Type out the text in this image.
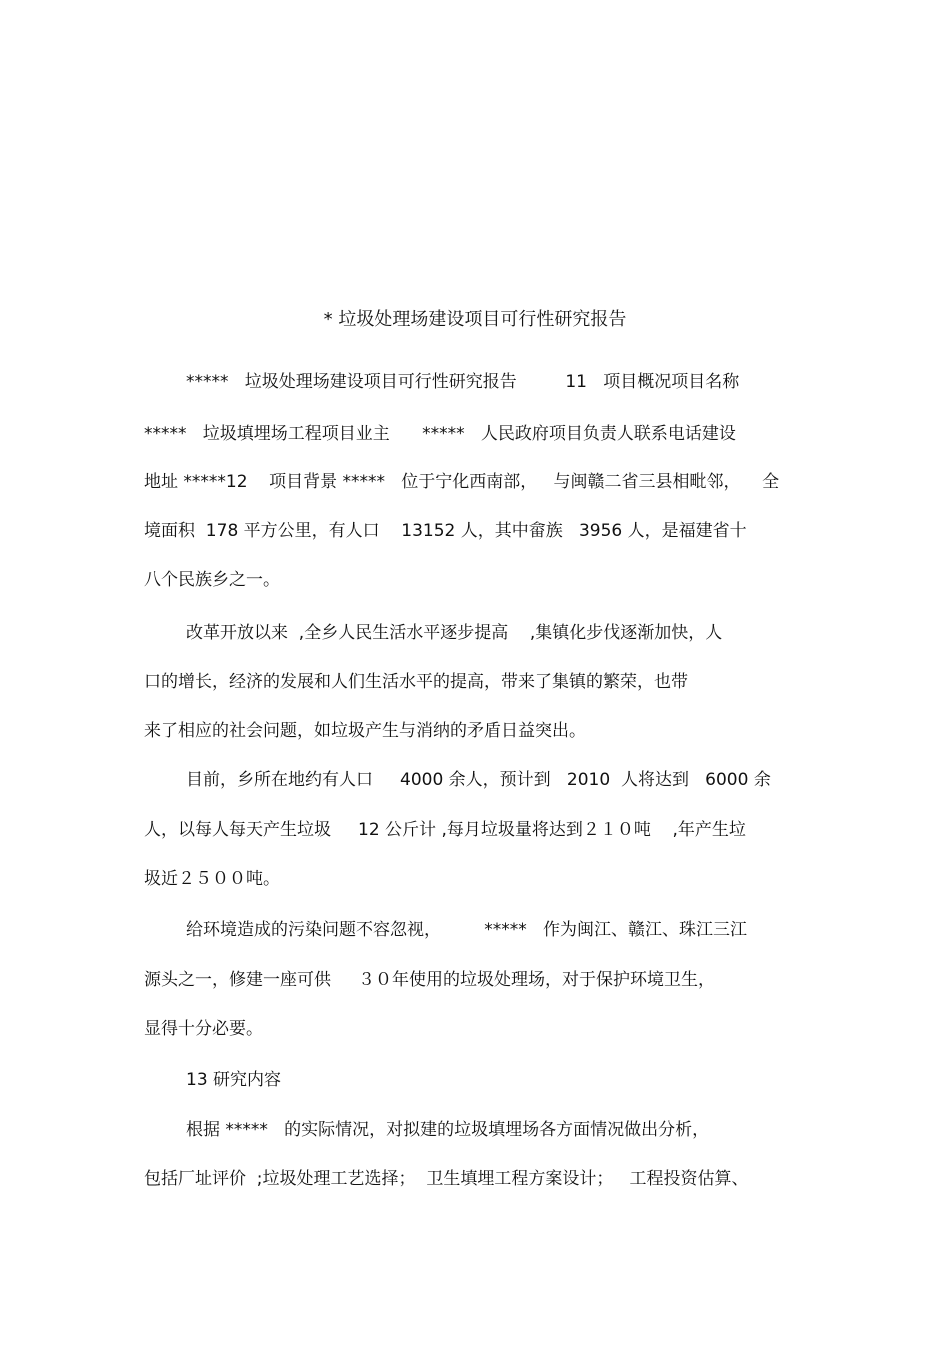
* 垃圾处理场建设项目可行性研究报告
*****   垃圾处理场建设项目可行性研究报告         11   项目概况项目名称
*****   垃圾填埋场工程项目业主      *****   人民政府项目负责人联系电话建设
地址 *****12    项目背景 *****   位于宁化西南部，   与闽赣二省三县相毗邻，    全
境面积  178 平方公里，有人口    13152 人，其中畲族   3956 人，是福建省十
八个民族乡之一。
改革开放以来  ,全乡人民生活水平逐步提高    ,集镇化步伐逐渐加快，人
口的增长，经济的发展和人们生活水平的提高，带来了集镇的繁荣，也带
来了相应的社会问题，如垃圾产生与消纳的矛盾日益突出。
目前，乡所在地约有人口     4000 余人，预计到   2010  人将达到   6000 余
人，以每人每天产生垃圾     12 公斤计 ,每月垃圾量将达到２１０吨    ,年产生垃
圾近２５００吨。
给环境造成的污染问题不容忽视，        *****   作为闽江、赣江、珠江三江
源头之一，修建一座可供     ３０年使用的垃圾处理场，对于保护环境卫生，
显得十分必要。
13 研究内容
根据 *****   的实际情况，对拟建的垃圾填埋场各方面情况做出分析，
包括厂址评价  ;垃圾处理工艺选择；  卫生填埋工程方案设计；   工程投资估算、
